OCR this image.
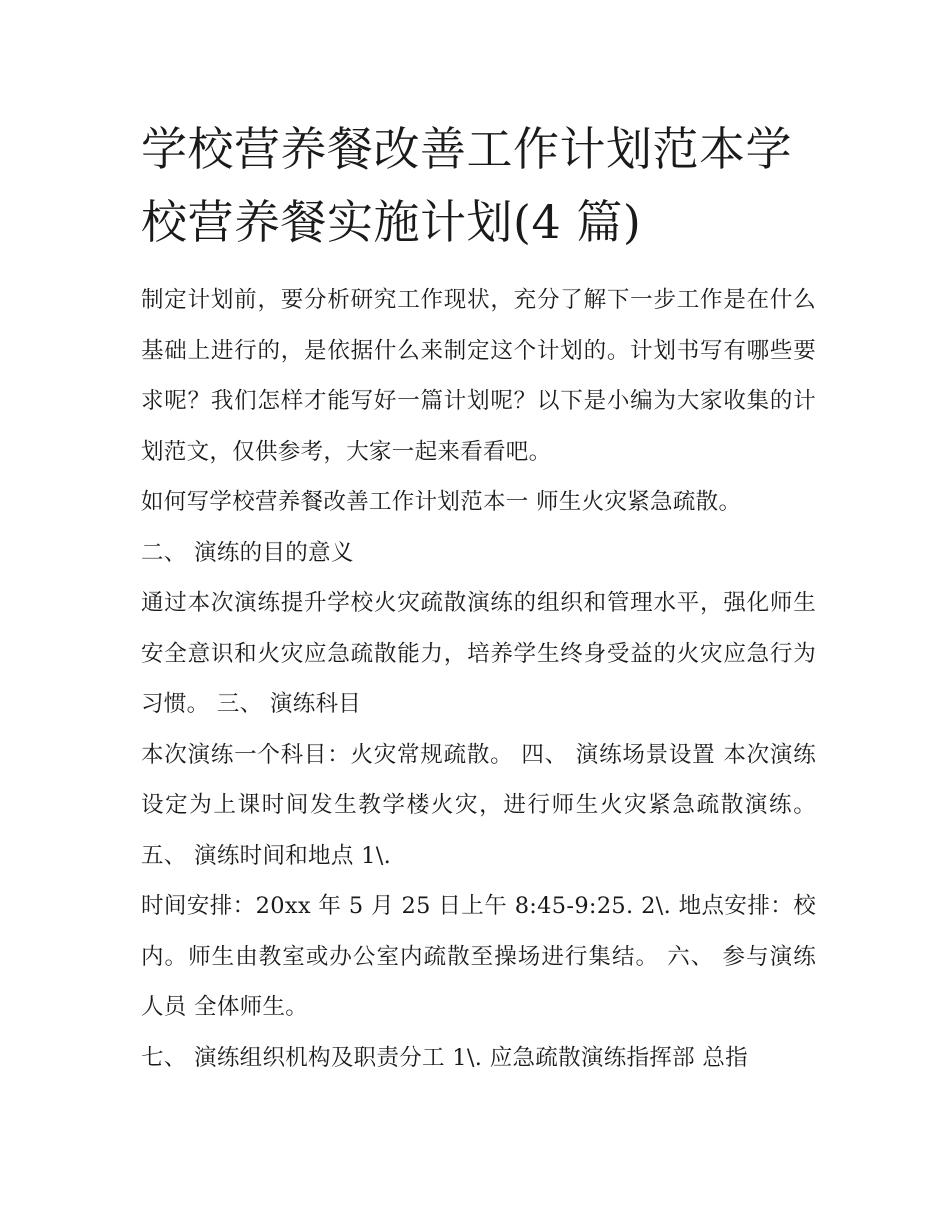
学校营养餐改善工作计划范本学校营养餐实施计划(4 篇)

制定计划前，要分析研究工作现状，充分了解下一步工作是在什么基础上进行的，是依据什么来制定这个计划的。计划书写有哪些要求呢？我们怎样才能写好一篇计划呢？以下是小编为大家收集的计划范文，仅供参考，大家一起来看看吧。

如何写学校营养餐改善工作计划范本一 师生火灾紧急疏散。

二、 演练的目的意义

通过本次演练提升学校火灾疏散演练的组织和管理水平，强化师生安全意识和火灾应急疏散能力，培养学生终身受益的火灾应急行为习惯。 三、 演练科目

本次演练一个科目：火灾常规疏散。 四、 演练场景设置 本次演练设定为上课时间发生教学楼火灾，进行师生火灾紧急疏散演练。 五、 演练时间和地点 1\.

时间安排：20xx 年 5 月 25 日上午 8:45-9:25. 2\. 地点安排：校内。师生由教室或办公室内疏散至操场进行集结。 六、 参与演练人员 全体师生。

七、 演练组织机构及职责分工 1\. 应急疏散演练指挥部 总指
